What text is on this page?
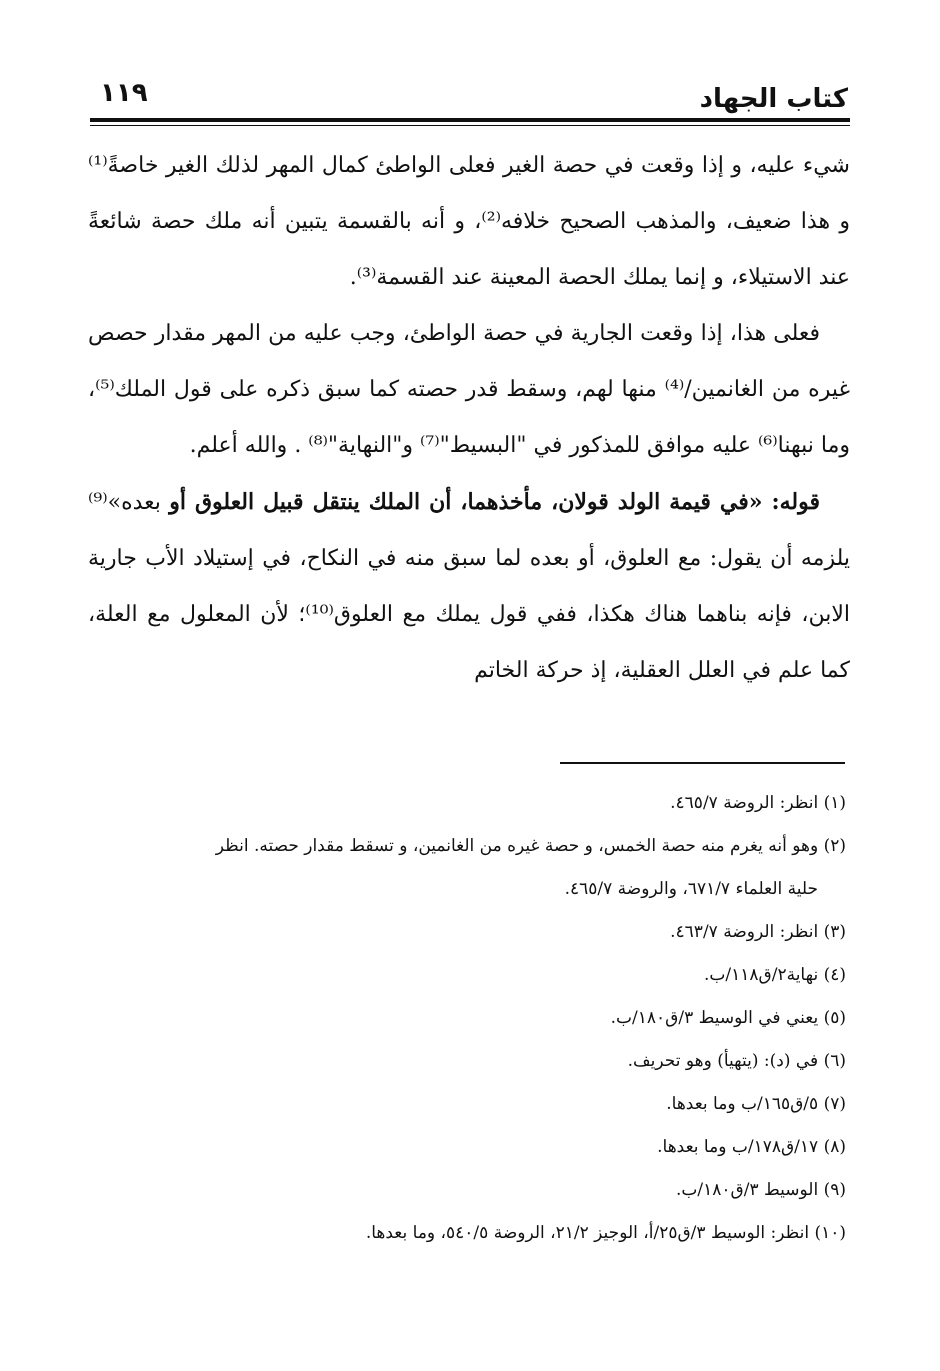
١١٩	كتاب الجهاد

شيء عليه، و إذا وقعت في حصة الغير فعلى الواطئ كمال المهر لذلك الغير خاصةً⁽¹⁾ و هذا ضعيف، والمذهب الصحيح خلافه⁽²⁾، و أنه بالقسمة يتبين أنه ملك حصة شائعةً عند الاستيلاء، و إنما يملك الحصة المعينة عند القسمة⁽³⁾.

فعلى هذا، إذا وقعت الجارية في حصة الواطئ، وجب عليه من المهر مقدار حصص غيره من الغانمين/⁽⁴⁾ منها لهم، وسقط قدر حصته كما سبق ذكره على قول الملك⁽⁵⁾، وما نبهنا⁽⁶⁾ عليه موافق للمذكور في "البسيط"⁽⁷⁾ و"النهاية"⁽⁸⁾ . والله أعلم.

قوله: «في قيمة الولد قولان، مأخذهما، أن الملك ينتقل قبيل العلوق أو بعده»⁽⁹⁾ يلزمه أن يقول: مع العلوق، أو بعده لما سبق منه في النكاح، في إستيلاد الأب جارية الابن، فإنه بناهما هناك هكذا، ففي قول يملك مع العلوق⁽¹⁰⁾؛ لأن المعلول مع العلة، كما علم في العلل العقلية، إذ حركة الخاتم

(١) انظر: الروضة ٤٦٥/٧.
(٢) وهو أنه يغرم منه حصة الخمس، و حصة غيره من الغانمين، و تسقط مقدار حصته. انظر
حلية العلماء ٦٧١/٧، والروضة ٤٦٥/٧.
(٣) انظر: الروضة ٤٦٣/٧.
(٤) نهاية٢/ق١١٨/ب.
(٥) يعني في الوسيط ٣/ق١٨٠/ب.
(٦) في (د): (يتهيأ) وهو تحريف.
(٧) ٥/ق١٦٥/ب وما بعدها.
(٨) ١٧/ق١٧٨/ب وما بعدها.
(٩) الوسيط ٣/ق١٨٠/ب.
(١٠) انظر: الوسيط ٣/ق٢٥/أ، الوجيز ٢١/٢، الروضة ٥٤٠/٥، وما بعدها.
